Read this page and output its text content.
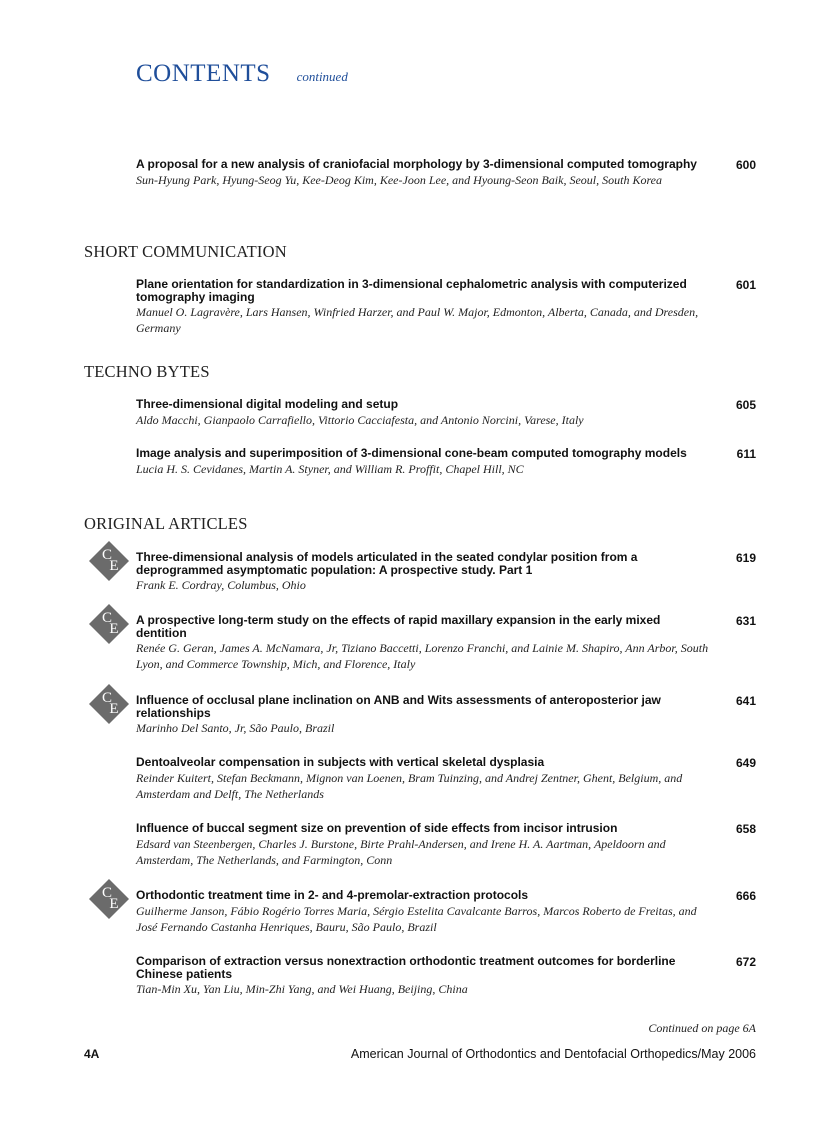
CONTENTS continued
A proposal for a new analysis of craniofacial morphology by 3-dimensional computed tomography
Sun-Hyung Park, Hyung-Seog Yu, Kee-Deog Kim, Kee-Joon Lee, and Hyoung-Seon Baik, Seoul, South Korea
600
SHORT COMMUNICATION
Plane orientation for standardization in 3-dimensional cephalometric analysis with computerized tomography imaging
Manuel O. Lagravère, Lars Hansen, Winfried Harzer, and Paul W. Major, Edmonton, Alberta, Canada, and Dresden, Germany
601
TECHNO BYTES
Three-dimensional digital modeling and setup
Aldo Macchi, Gianpaolo Carrafiello, Vittorio Cacciafesta, and Antonio Norcini, Varese, Italy
605
Image analysis and superimposition of 3-dimensional cone-beam computed tomography models
Lucia H. S. Cevidanes, Martin A. Styner, and William R. Proffit, Chapel Hill, NC
611
ORIGINAL ARTICLES
C
E
Three-dimensional analysis of models articulated in the seated condylar position from a deprogrammed asymptomatic population: A prospective study. Part 1
Frank E. Cordray, Columbus, Ohio
619
C
E
A prospective long-term study on the effects of rapid maxillary expansion in the early mixed dentition
Renée G. Geran, James A. McNamara, Jr, Tiziano Baccetti, Lorenzo Franchi, and Lainie M. Shapiro, Ann Arbor, South Lyon, and Commerce Township, Mich, and Florence, Italy
631
C
E
Influence of occlusal plane inclination on ANB and Wits assessments of anteroposterior jaw relationships
Marinho Del Santo, Jr, São Paulo, Brazil
641
Dentoalveolar compensation in subjects with vertical skeletal dysplasia
Reinder Kuitert, Stefan Beckmann, Mignon van Loenen, Bram Tuinzing, and Andrej Zentner, Ghent, Belgium, and Amsterdam and Delft, The Netherlands
649
Influence of buccal segment size on prevention of side effects from incisor intrusion
Edsard van Steenbergen, Charles J. Burstone, Birte Prahl-Andersen, and Irene H. A. Aartman, Apeldoorn and Amsterdam, The Netherlands, and Farmington, Conn
658
C
E
Orthodontic treatment time in 2- and 4-premolar-extraction protocols
Guilherme Janson, Fábio Rogério Torres Maria, Sérgio Estelita Cavalcante Barros, Marcos Roberto de Freitas, and José Fernando Castanha Henriques, Bauru, São Paulo, Brazil
666
Comparison of extraction versus nonextraction orthodontic treatment outcomes for borderline Chinese patients
Tian-Min Xu, Yan Liu, Min-Zhi Yang, and Wei Huang, Beijing, China
672
Continued on page 6A
4A	American Journal of Orthodontics and Dentofacial Orthopedics/May 2006
